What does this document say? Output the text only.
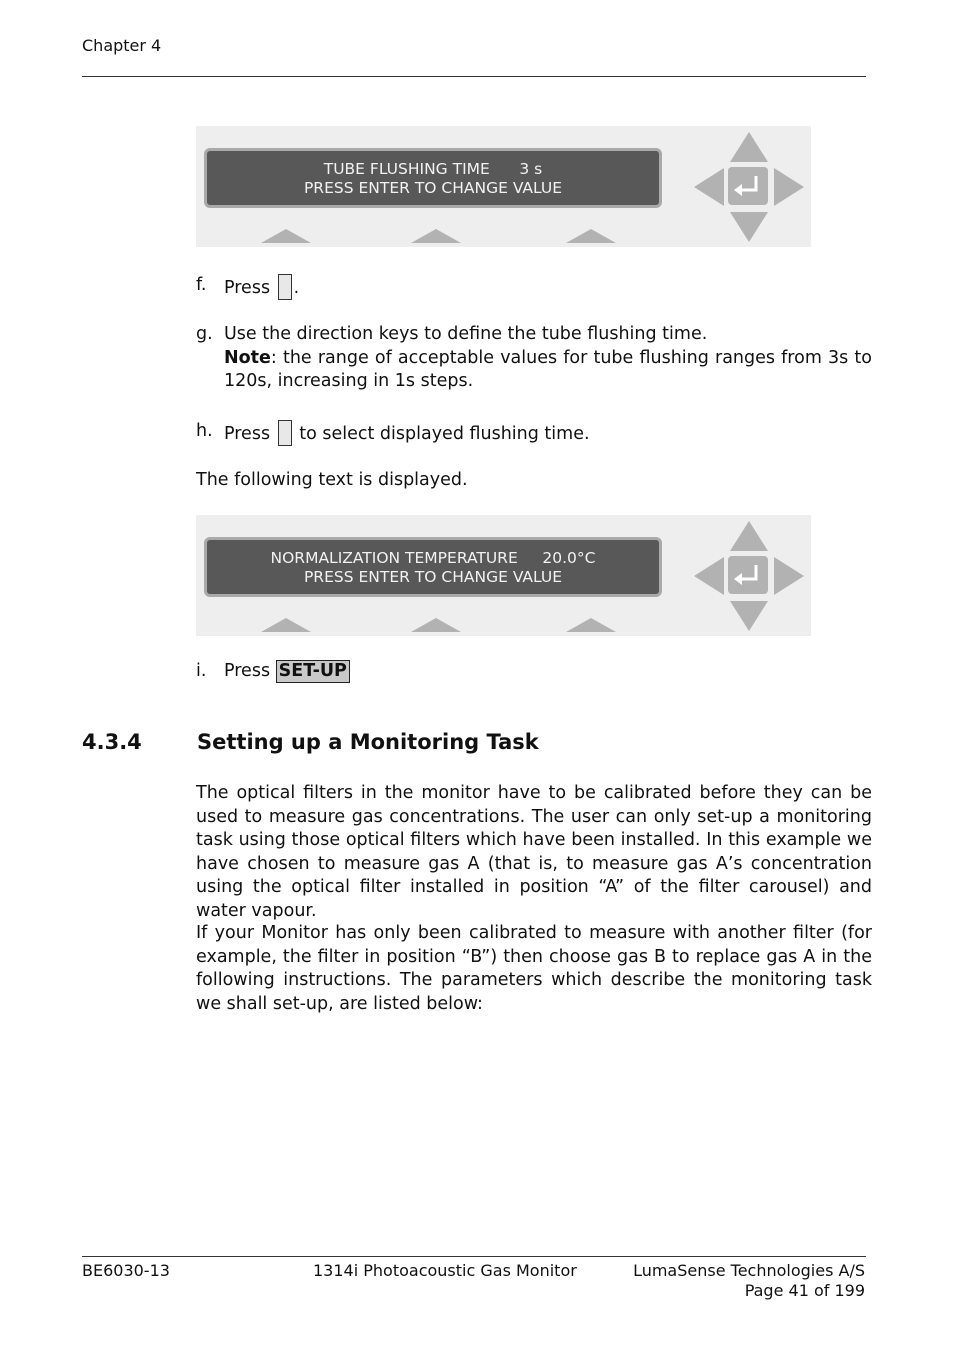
Chapter 4
TUBE FLUSHING TIME      3 s
PRESS ENTER TO CHANGE VALUE
f. Press .
g. Use the direction keys to define the tube flushing time.
Note: the range of acceptable values for tube flushing ranges from 3s to 120s, increasing in 1s steps.
h. Press to select displayed flushing time.
The following text is displayed.
NORMALIZATION TEMPERATURE     20.0°C
PRESS ENTER TO CHANGE VALUE
i. Press SET-UP
4.3.4	Setting up a Monitoring Task
The optical filters in the monitor have to be calibrated before they can be used to measure gas concentrations. The user can only set-up a monitoring task using those optical filters which have been installed. In this example we have chosen to measure gas A (that is, to measure gas A’s concentration using the optical filter installed in position “A” of the filter carousel) and water vapour.
If your Monitor has only been calibrated to measure with another filter (for example, the filter in position “B”) then choose gas B to replace gas A in the following instructions. The parameters which describe the monitoring task we shall set-up, are listed below:
BE6030-13	1314i Photoacoustic Gas Monitor	LumaSense Technologies A/S
Page 41 of 199
